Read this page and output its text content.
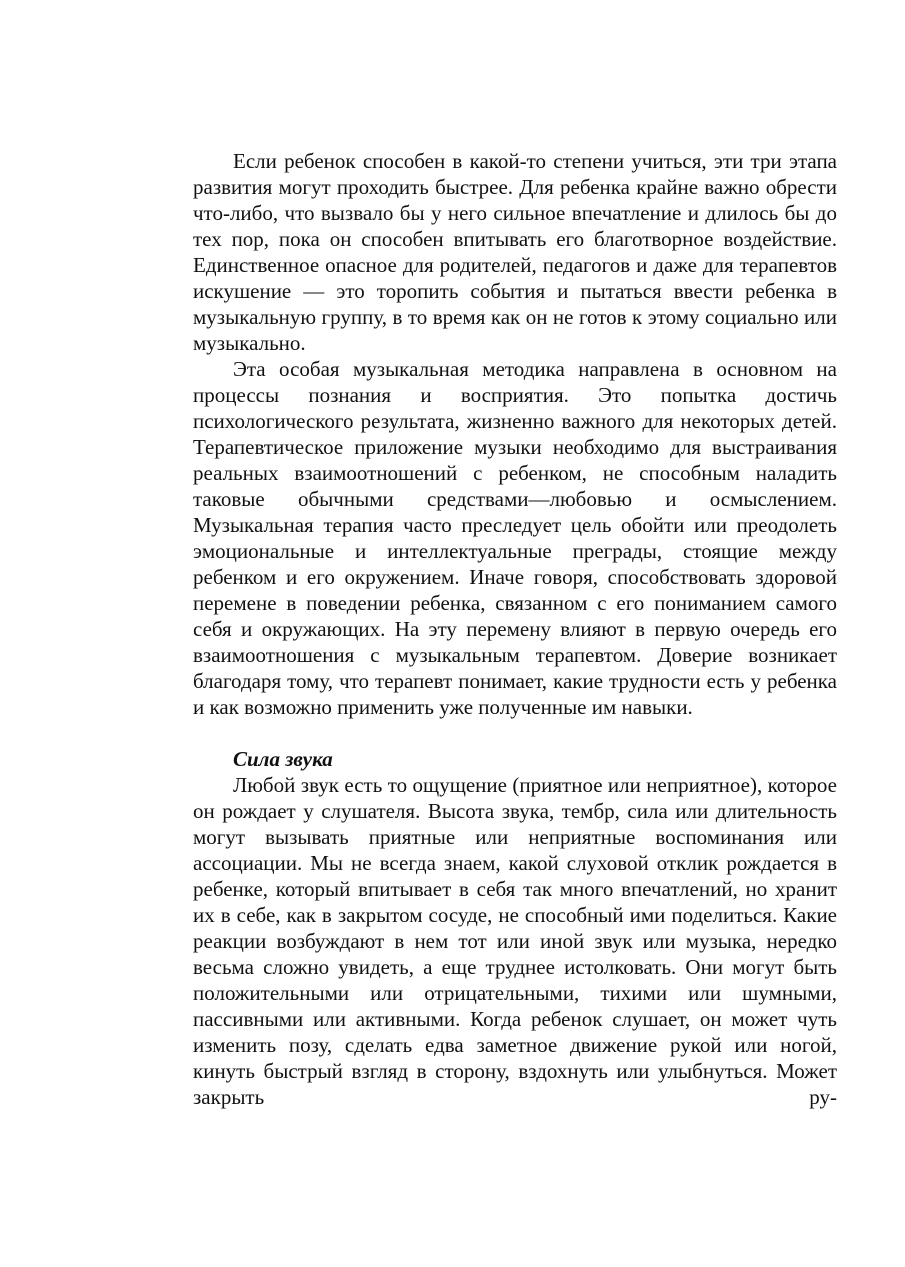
Если ребенок способен в какой-то степени учиться, эти три этапа развития могут проходить быстрее. Для ребенка крайне важно обрести что-либо, что вызвало бы у него сильное впечатление и длилось бы до тех пор, пока он способен впитывать его благотворное воздействие. Единственное опасное для родителей, педагогов и даже для терапевтов искушение — это торопить события и пытаться ввести ребенка в музыкальную группу, в то время как он не готов к этому социально или музыкально.

Эта особая музыкальная методика направлена в основном на процессы познания и восприятия. Это попытка достичь психологического результата, жизненно важного для некоторых детей. Терапевтическое приложение музыки необходимо для выстраивания реальных взаимоотношений с ребенком, не способным наладить таковые обычными средствами—любовью и осмыслением. Музыкальная терапия часто преследует цель обойти или преодолеть эмоциональные и интеллектуальные преграды, стоящие между ребенком и его окружением. Иначе говоря, способствовать здоровой перемене в поведении ребенка, связанном с его пониманием самого себя и окружающих. На эту перемену влияют в первую очередь его взаимоотношения с музыкальным терапевтом. Доверие возникает благодаря тому, что терапевт понимает, какие трудности есть у ребенка и как возможно применить уже полученные им навыки.

Сила звука

Любой звук есть то ощущение (приятное или неприятное), которое он рождает у слушателя. Высота звука, тембр, сила или длительность могут вызывать приятные или неприятные воспоминания или ассоциации. Мы не всегда знаем, какой слуховой отклик рождается в ребенке, который впитывает в себя так много впечатлений, но хранит их в себе, как в закрытом сосуде, не способный ими поделиться. Какие реакции возбуждают в нем тот или иной звук или музыка, нередко весьма сложно увидеть, а еще труднее истолковать. Они могут быть положительными или отрицательными, тихими или шумными, пассивными или активными. Когда ребенок слушает, он может чуть изменить позу, сделать едва заметное движение рукой или ногой, кинуть быстрый взгляд в сторону, вздохнуть или улыбнуться. Может закрыть ру-
